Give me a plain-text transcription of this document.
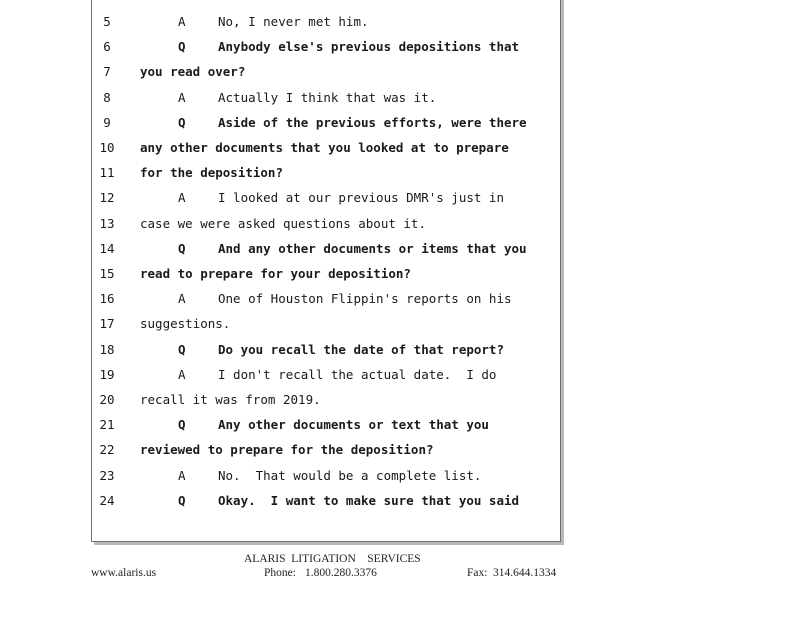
5	A	No, I never met him.
6	Q	Anybody else's previous depositions that
7	you read over?
8	A	Actually I think that was it.
9	Q	Aside of the previous efforts, were there
10 any other documents that you looked at to prepare
11 for the deposition?
12	A	I looked at our previous DMR's just in
13 case we were asked questions about it.
14	Q	And any other documents or items that you
15 read to prepare for your deposition?
16	A	One of Houston Flippin's reports on his
17 suggestions.
18	Q	Do you recall the date of that report?
19	A	I don't recall the actual date.  I do
20 recall it was from 2019.
21	Q	Any other documents or text that you
22 reviewed to prepare for the deposition?
23	A	No.  That would be a complete list.
24	Q	Okay.  I want to make sure that you said
ALARIS  LITIGATION    SERVICES
www.alaris.us	Phone: 1.800.280.3376	Fax: 314.644.1334
